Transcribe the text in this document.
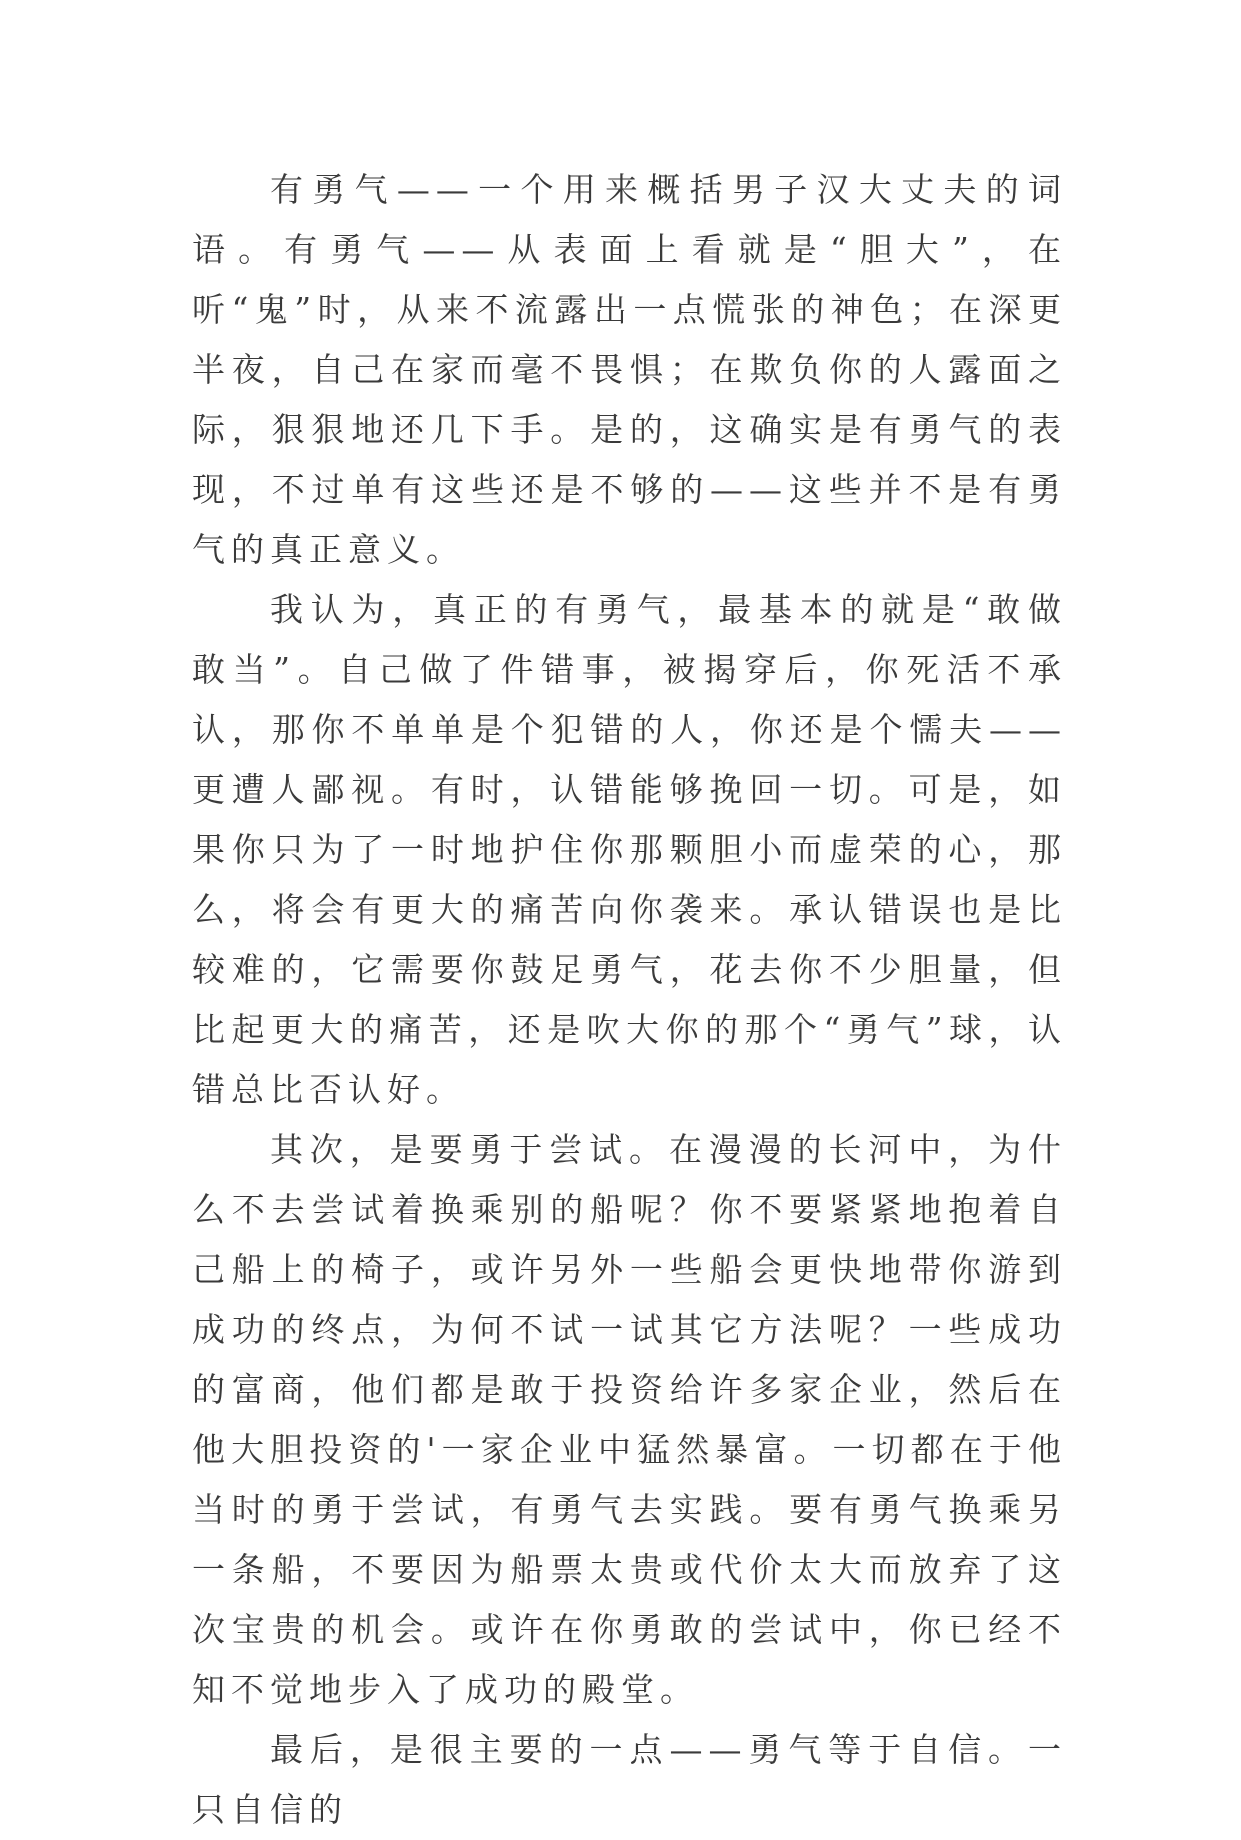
有勇气——一个用来概括男子汉大丈夫的词语。有勇气——从表面上看就是“胆大”，在听“鬼”时，从来不流露出一点慌张的神色；在深更半夜，自己在家而毫不畏惧；在欺负你的人露面之际，狠狠地还几下手。是的，这确实是有勇气的表现，不过单有这些还是不够的——这些并不是有勇气的真正意义。

我认为，真正的有勇气，最基本的就是“敢做敢当”。自己做了件错事，被揭穿后，你死活不承认，那你不单单是个犯错的人，你还是个懦夫——更遭人鄙视。有时，认错能够挽回一切。可是，如果你只为了一时地护住你那颗胆小而虚荣的心，那么，将会有更大的痛苦向你袭来。承认错误也是比较难的，它需要你鼓足勇气，花去你不少胆量，但比起更大的痛苦，还是吹大你的那个“勇气”球，认错总比否认好。

其次，是要勇于尝试。在漫漫的长河中，为什么不去尝试着换乘别的船呢？你不要紧紧地抱着自己船上的椅子，或许另外一些船会更快地带你游到成功的终点，为何不试一试其它方法呢？一些成功的富商，他们都是敢于投资给许多家企业，然后在他大胆投资的'一家企业中猛然暴富。一切都在于他当时的勇于尝试，有勇气去实践。要有勇气换乘另一条船，不要因为船票太贵或代价太大而放弃了这次宝贵的机会。或许在你勇敢的尝试中，你已经不知不觉地步入了成功的殿堂。

最后，是很主要的一点——勇气等于自信。一只自信的
